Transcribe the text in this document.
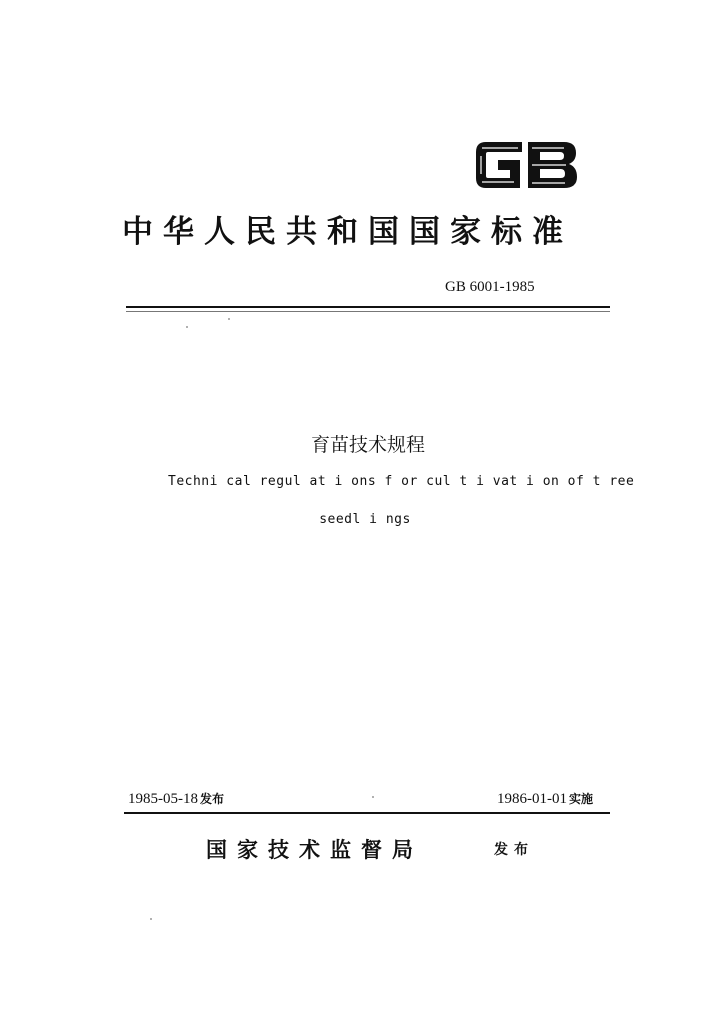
中华人民共和国国家标准
GB 6001-1985
育苗技术规程
Techni cal regul at i ons f or cul t i vat i on of t ree
seedl i ngs
1985-05-18 发布	1986-01-01 实施
国家技术监督局	发布
